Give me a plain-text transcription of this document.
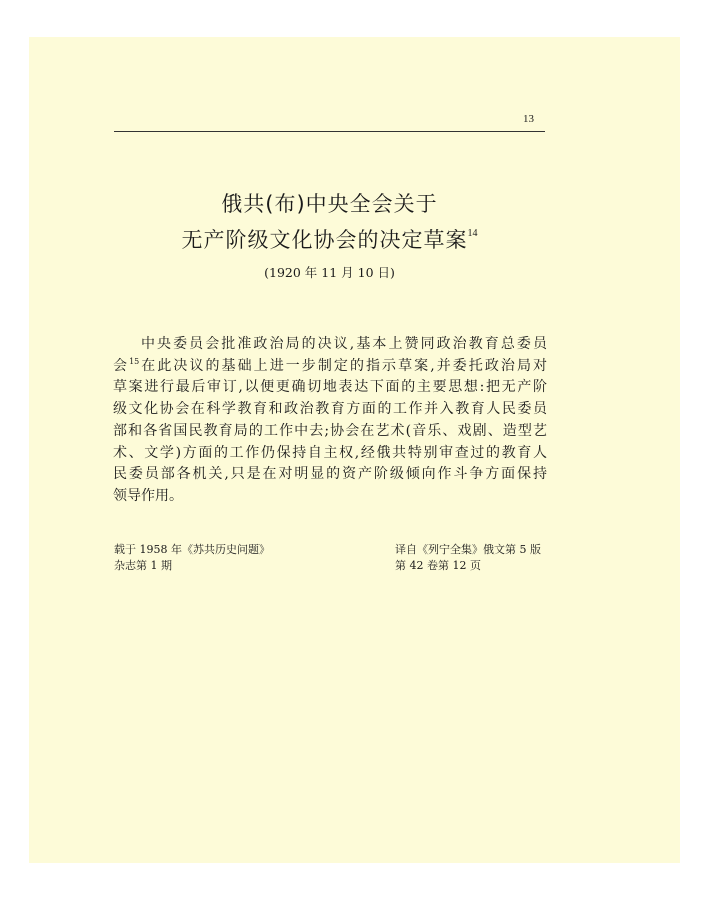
13
俄共(布)中央全会关于
无产阶级文化协会的决定草案$^{14}$
(1920 年 11 月 10 日)
中央委员会批准政治局的决议,基本上赞同政治教育总委员
会$^{15}$在此决议的基础上进一步制定的指示草案,并委托政治局对
草案进行最后审订,以便更确切地表达下面的主要思想:把无产阶
级文化协会在科学教育和政治教育方面的工作并入教育人民委员
部和各省国民教育局的工作中去;协会在艺术(音乐、戏剧、造型艺
术、文学)方面的工作仍保持自主权,经俄共特别审查过的教育人
民委员部各机关,只是在对明显的资产阶级倾向作斗争方面保持
领导作用。
载于 1958 年《苏共历史问题》
杂志第 1 期
译自《列宁全集》俄文第 5 版
第 42 卷第 12 页
